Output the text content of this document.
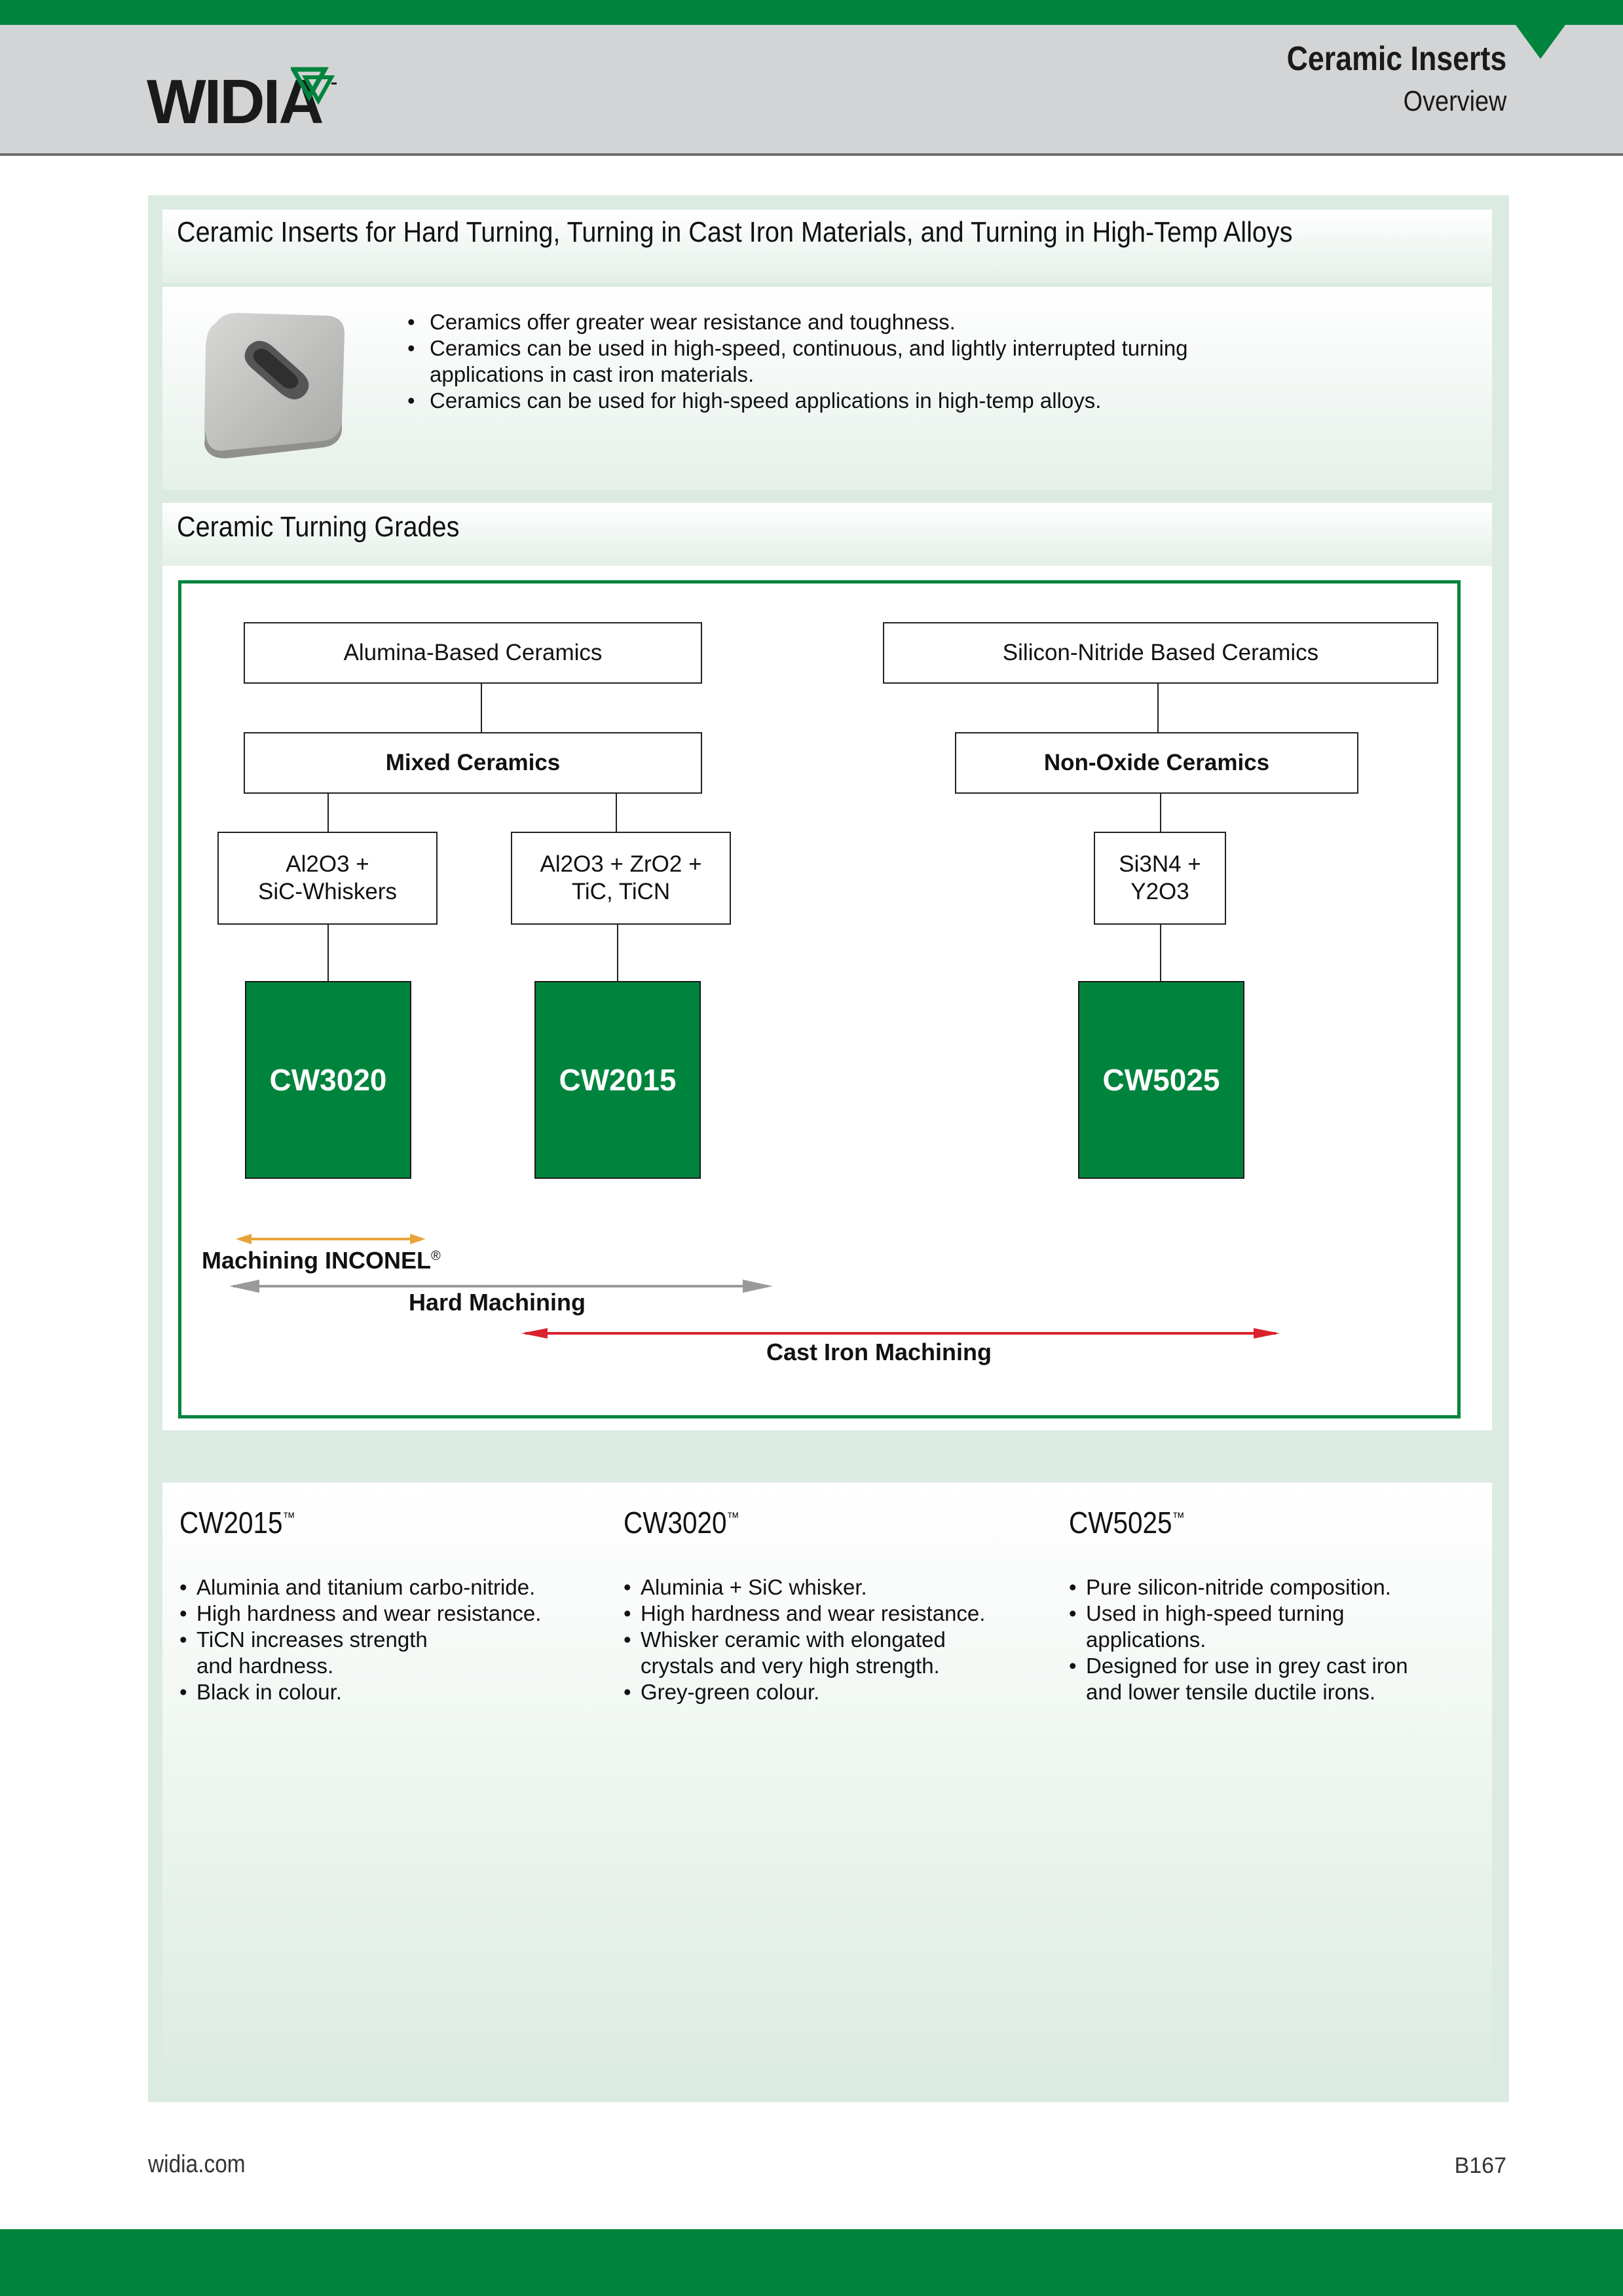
WIDIA
Ceramic Inserts
Overview
Ceramic Inserts for Hard Turning, Turning in Cast Iron Materials, and Turning in High-Temp Alloys
• Ceramics offer greater wear resistance and toughness.
• Ceramics can be used in high-speed, continuous, and lightly interrupted turning applications in cast iron materials.
• Ceramics can be used for high-speed applications in high-temp alloys.
Ceramic Turning Grades
Alumina-Based Ceramics	Silicon-Nitride Based Ceramics
Mixed Ceramics	Non-Oxide Ceramics
Al2O3 +
SiC-Whiskers
Al2O3 + ZrO2 +
TiC, TiCN
Si3N4 +
Y2O3
CW3020	CW2015	CW5025
Machining INCONEL®
Hard Machining
Cast Iron Machining
CW2015™
• Aluminia and titanium carbo-nitride.
• High hardness and wear resistance.
• TiCN increases strength and hardness.
• Black in colour.
CW3020™
• Aluminia + SiC whisker.
• High hardness and wear resistance.
• Whisker ceramic with elongated crystals and very high strength.
• Grey-green colour.
CW5025™
• Pure silicon-nitride composition.
• Used in high-speed turning applications.
• Designed for use in grey cast iron and lower tensile ductile irons.
widia.com	B167
